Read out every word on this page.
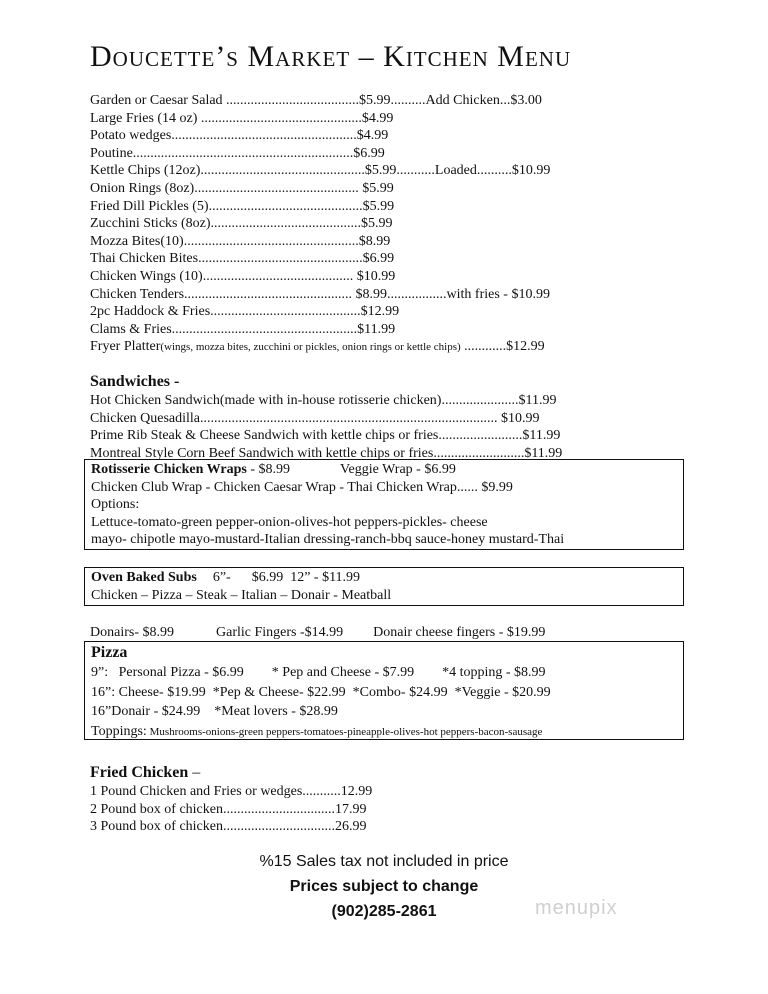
Doucette’s Market – Kitchen Menu
Garden or Caesar Salad ......................................$5.99..........Add Chicken...$3.00
Large Fries (14 oz) ..............................................$4.99
Potato wedges.....................................................$4.99
Poutine...............................................................$6.99
Kettle Chips (12oz)...............................................$5.99...........Loaded..........$10.99
Onion Rings (8oz)............................................... $5.99
Fried Dill Pickles (5)............................................$5.99
Zucchini Sticks (8oz)...........................................$5.99
Mozza Bites(10)..................................................$8.99
Thai Chicken Bites...............................................$6.99
Chicken Wings (10)........................................... $10.99
Chicken Tenders................................................ $8.99.................with fries - $10.99
2pc Haddock & Fries...........................................$12.99
Clams & Fries.....................................................$11.99
Fryer Platter(wings, mozza bites, zucchini or pickles, onion rings or kettle chips) ............$12.99
Sandwiches -
Hot Chicken Sandwich(made with in-house rotisserie chicken)......................$11.99
Chicken Quesadilla..................................................................................... $10.99
Prime Rib Steak & Cheese Sandwich with kettle chips or fries........................$11.99
Montreal Style Corn Beef Sandwich with kettle chips or fries..........................$11.99
Rotisserie Chicken Wraps - $8.99	Veggie Wrap - $6.99
Chicken Club Wrap - Chicken Caesar Wrap - Thai Chicken Wrap...... $9.99
Options:
Lettuce-tomato-green pepper-onion-olives-hot peppers-pickles- cheese
mayo- chipotle mayo-mustard-Italian dressing-ranch-bbq sauce-honey mustard-Thai
Oven Baked Subs 6”-      $6.99  12” - $11.99
Chicken – Pizza – Steak – Italian – Donair - Meatball
Donairs- $8.99	Garlic Fingers -$14.99 Donair cheese fingers - $19.99
Pizza
9”:   Personal Pizza - $6.99        * Pep and Cheese - $7.99        *4 topping - $8.99
16”: Cheese- $19.99  *Pep & Cheese- $22.99  *Combo- $24.99  *Veggie - $20.99
16”Donair - $24.99    *Meat lovers - $28.99
Toppings: Mushrooms-onions-green peppers-tomatoes-pineapple-olives-hot peppers-bacon-sausage
Fried Chicken –
1 Pound Chicken and Fries or wedges...........12.99
2 Pound box of chicken................................17.99
3 Pound box of chicken................................26.99
%15 Sales tax not included in price
Prices subject to change
(902)285-2861	menupix
